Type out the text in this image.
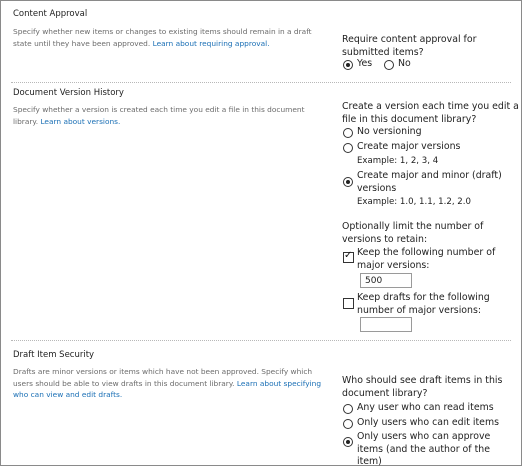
Content Approval
Specify whether new items or changes to existing items should remain in a draft state until they have been approved. Learn about requiring approval.	Require content approval for submitted items?
Yes	No
Document Version History
Specify whether a version is created each time you edit a file in this document library. Learn about versions.
Create a version each time you edit a file in this document library?
No versioning
Create major versions
Example: 1, 2, 3, 4
Create major and minor (draft) versions
Example: 1.0, 1.1, 1.2, 2.0
Optionally limit the number of versions to retain:
✓ Keep the following number of major versions:
500
Keep drafts for the following number of major versions:
Draft Item Security
Drafts are minor versions or items which have not been approved. Specify which users should be able to view drafts in this document library. Learn about specifying who can view and edit drafts.
Who should see draft items in this document library?
Any user who can read items
Only users who can edit items
Only users who can approve items (and the author of the item)
